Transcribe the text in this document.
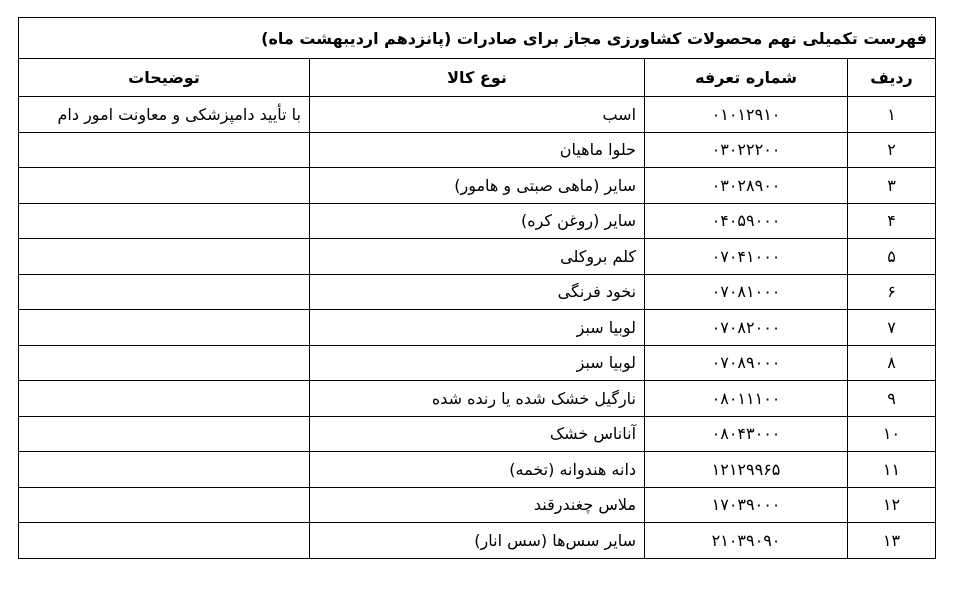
فهرست تکمیلی نهم محصولات کشاورزی مجاز برای صادرات (پانزدهم اردیبهشت ماه)			
ردیف	شماره تعرفه	نوع کالا	توضیحات
۱	۰۱۰۱۲۹۱۰	اسب	با تأیید دامپزشکی و معاونت امور دام
۲	۰۳۰۲۲۲۰۰	حلوا ماهیان	
۳	۰۳۰۲۸۹۰۰	سایر (ماهی صبتی و هامور)	
۴	۰۴۰۵۹۰۰۰	سایر (روغن کره)	
۵	۰۷۰۴۱۰۰۰	کلم بروکلی	
۶	۰۷۰۸۱۰۰۰	نخود فرنگی	
۷	۰۷۰۸۲۰۰۰	لوبیا سبز	
۸	۰۷۰۸۹۰۰۰	لوبیا سبز	
۹	۰۸۰۱۱۱۰۰	نارگیل خشک شده یا رنده شده	
۱۰	۰۸۰۴۳۰۰۰	آناناس خشک	
۱۱	۱۲۱۲۹۹۶۵	دانه هندوانه (تخمه)	
۱۲	۱۷۰۳۹۰۰۰	ملاس چغندرقند	
۱۳	۲۱۰۳۹۰۹۰	سایر سس‌ها (سس انار)	
